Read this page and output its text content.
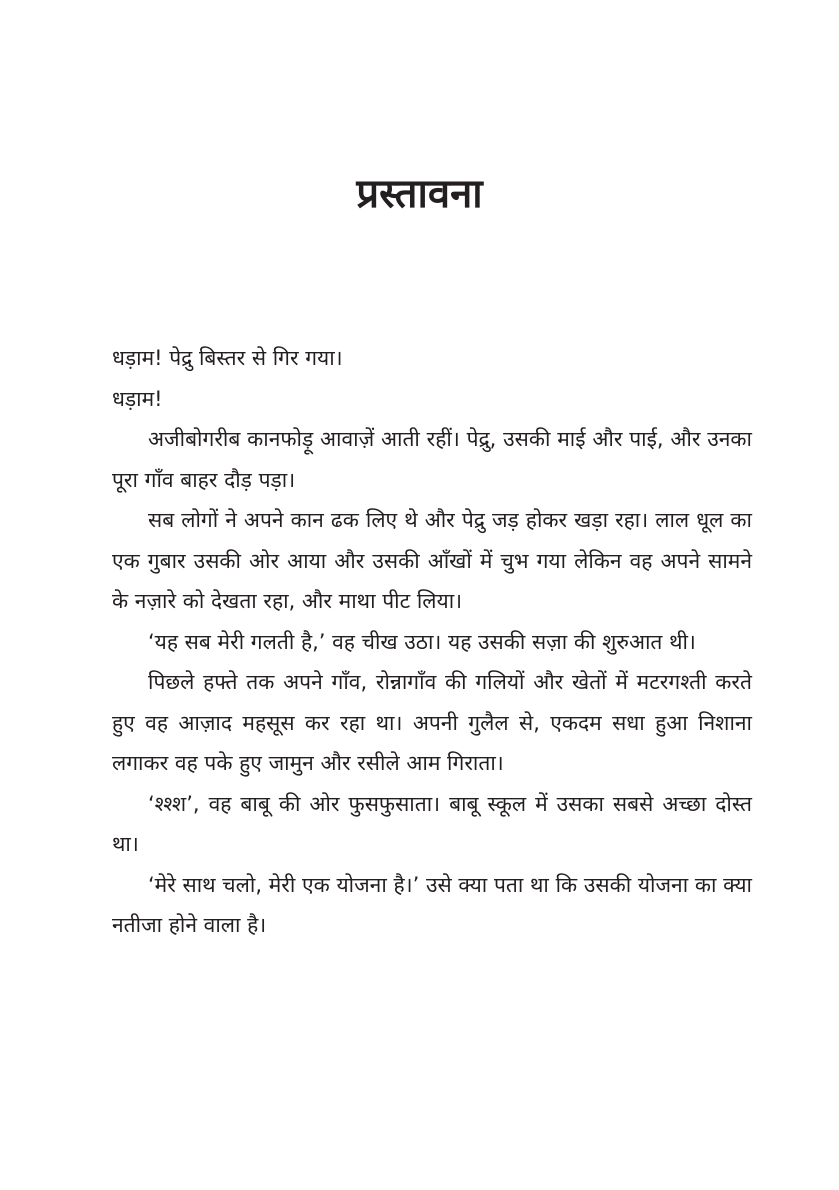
प्रस्तावना

धड़ाम! पेद्रु बिस्तर से गिर गया।

धड़ाम!

अजीबोगरीब कानफोड़ू आवाज़ें आती रहीं। पेद्रु, उसकी माई और पाई, और उनका पूरा गाँव बाहर दौड़ पड़ा।

सब लोगों ने अपने कान ढक लिए थे और पेद्रु जड़ होकर खड़ा रहा। लाल धूल का एक गुबार उसकी ओर आया और उसकी आँखों में चुभ गया लेकिन वह अपने सामने के नज़ारे को देखता रहा, और माथा पीट लिया।

‘यह सब मेरी गलती है,’ वह चीख उठा। यह उसकी सज़ा की शुरुआत थी।

पिछले हफ्ते तक अपने गाँव, रोन्नागाँव की गलियों और खेतों में मटरगश्ती करते हुए वह आज़ाद महसूस कर रहा था। अपनी गुलैल से, एकदम सधा हुआ निशाना लगाकर वह पके हुए जामुन और रसीले आम गिराता।

‘श्श्श’, वह बाबू की ओर फुसफुसाता। बाबू स्कूल में उसका सबसे अच्छा दोस्त था।

‘मेरे साथ चलो, मेरी एक योजना है।’ उसे क्या पता था कि उसकी योजना का क्या नतीजा होने वाला है।
